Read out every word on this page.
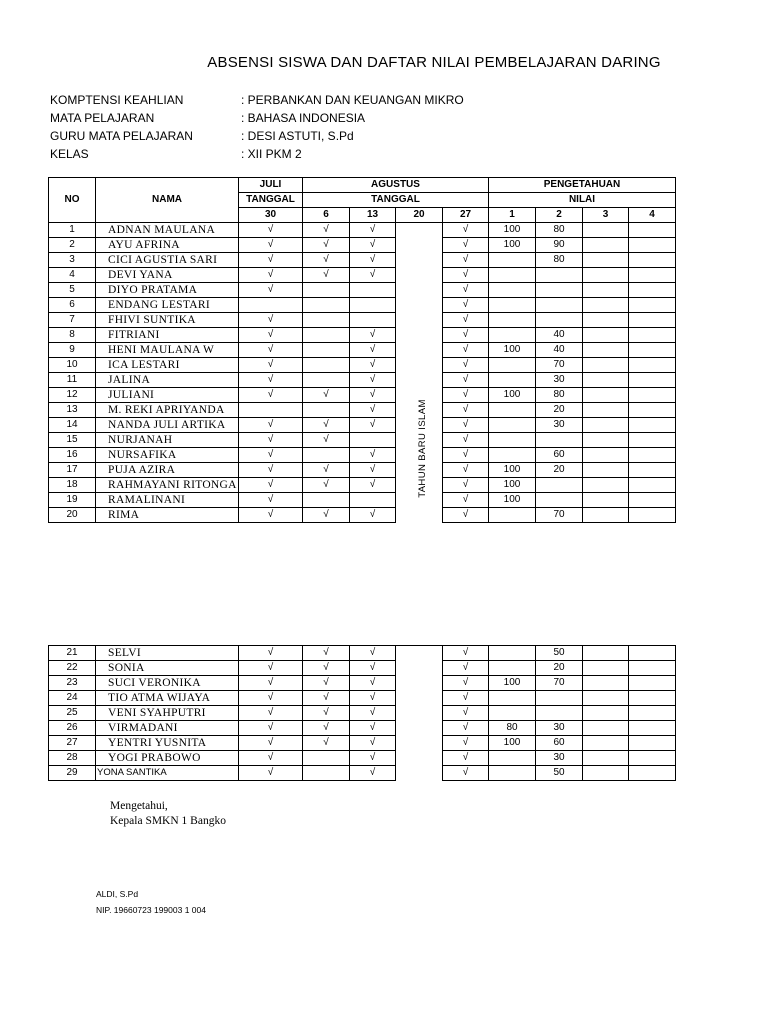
ABSENSI SISWA DAN DAFTAR NILAI PEMBELAJARAN DARING
KOMPTENSI KEAHLIAN	: PERBANKAN DAN KEUANGAN MIKRO
MATA PELAJARAN	: BAHASA INDONESIA
GURU MATA PELAJARAN	: DESI ASTUTI, S.Pd
KELAS	: XII PKM 2
NO	NAMA	JULI	AGUSTUS				PENGETAHUAN			
		TANGGAL	TANGGAL				NILAI			
		30	6	13	20	27	1	2	3	4
1	ADNAN MAULANA	√	√	√		√	100	80		
2	AYU AFRINA	√	√	√		√	100	90		
3	CICI AGUSTIA SARI	√	√	√		√		80		
4	DEVI YANA	√	√	√		√				
5	DIYO PRATAMA	√				√				
6	ENDANG LESTARI					√				
7	FHIVI SUNTIKA	√				√				
8	FITRIANI	√		√		√		40		
9	HENI MAULANA W	√		√		√	100	40		
10	ICA LESTARI	√		√		√		70		
11	JALINA	√		√		√		30		
12	JULIANI	√	√	√		√	100	80		
13	M. REKI APRIYANDA			√		√		20		
14	NANDA JULI ARTIKA	√	√	√		√		30		
15	NURJANAH	√	√			√				
16	NURSAFIKA	√		√		√		60		
17	PUJA AZIRA	√	√	√		√	100	20		
18	RAHMAYANI RITONGA	√	√	√		√	100			
19	RAMALINANI	√				√	100			
20	RIMA	√	√	√		√		70		
TAHUN BARU ISLAM
21	SELVI	√	√	√		√		50		
22	SONIA	√	√	√		√		20		
23	SUCI VERONIKA	√	√	√		√	100	70		
24	TIO ATMA WIJAYA	√	√	√		√				
25	VENI SYAHPUTRI	√	√	√		√				
26	VIRMADANI	√	√	√		√	80	30		
27	YENTRI YUSNITA	√	√	√		√	100	60		
28	YOGI PRABOWO	√		√		√		30		
29	YONA SANTIKA	√		√		√		50		
Mengetahui,
Kepala SMKN 1 Bangko
ALDI, S.Pd
NIP. 19660723 199003 1 004
